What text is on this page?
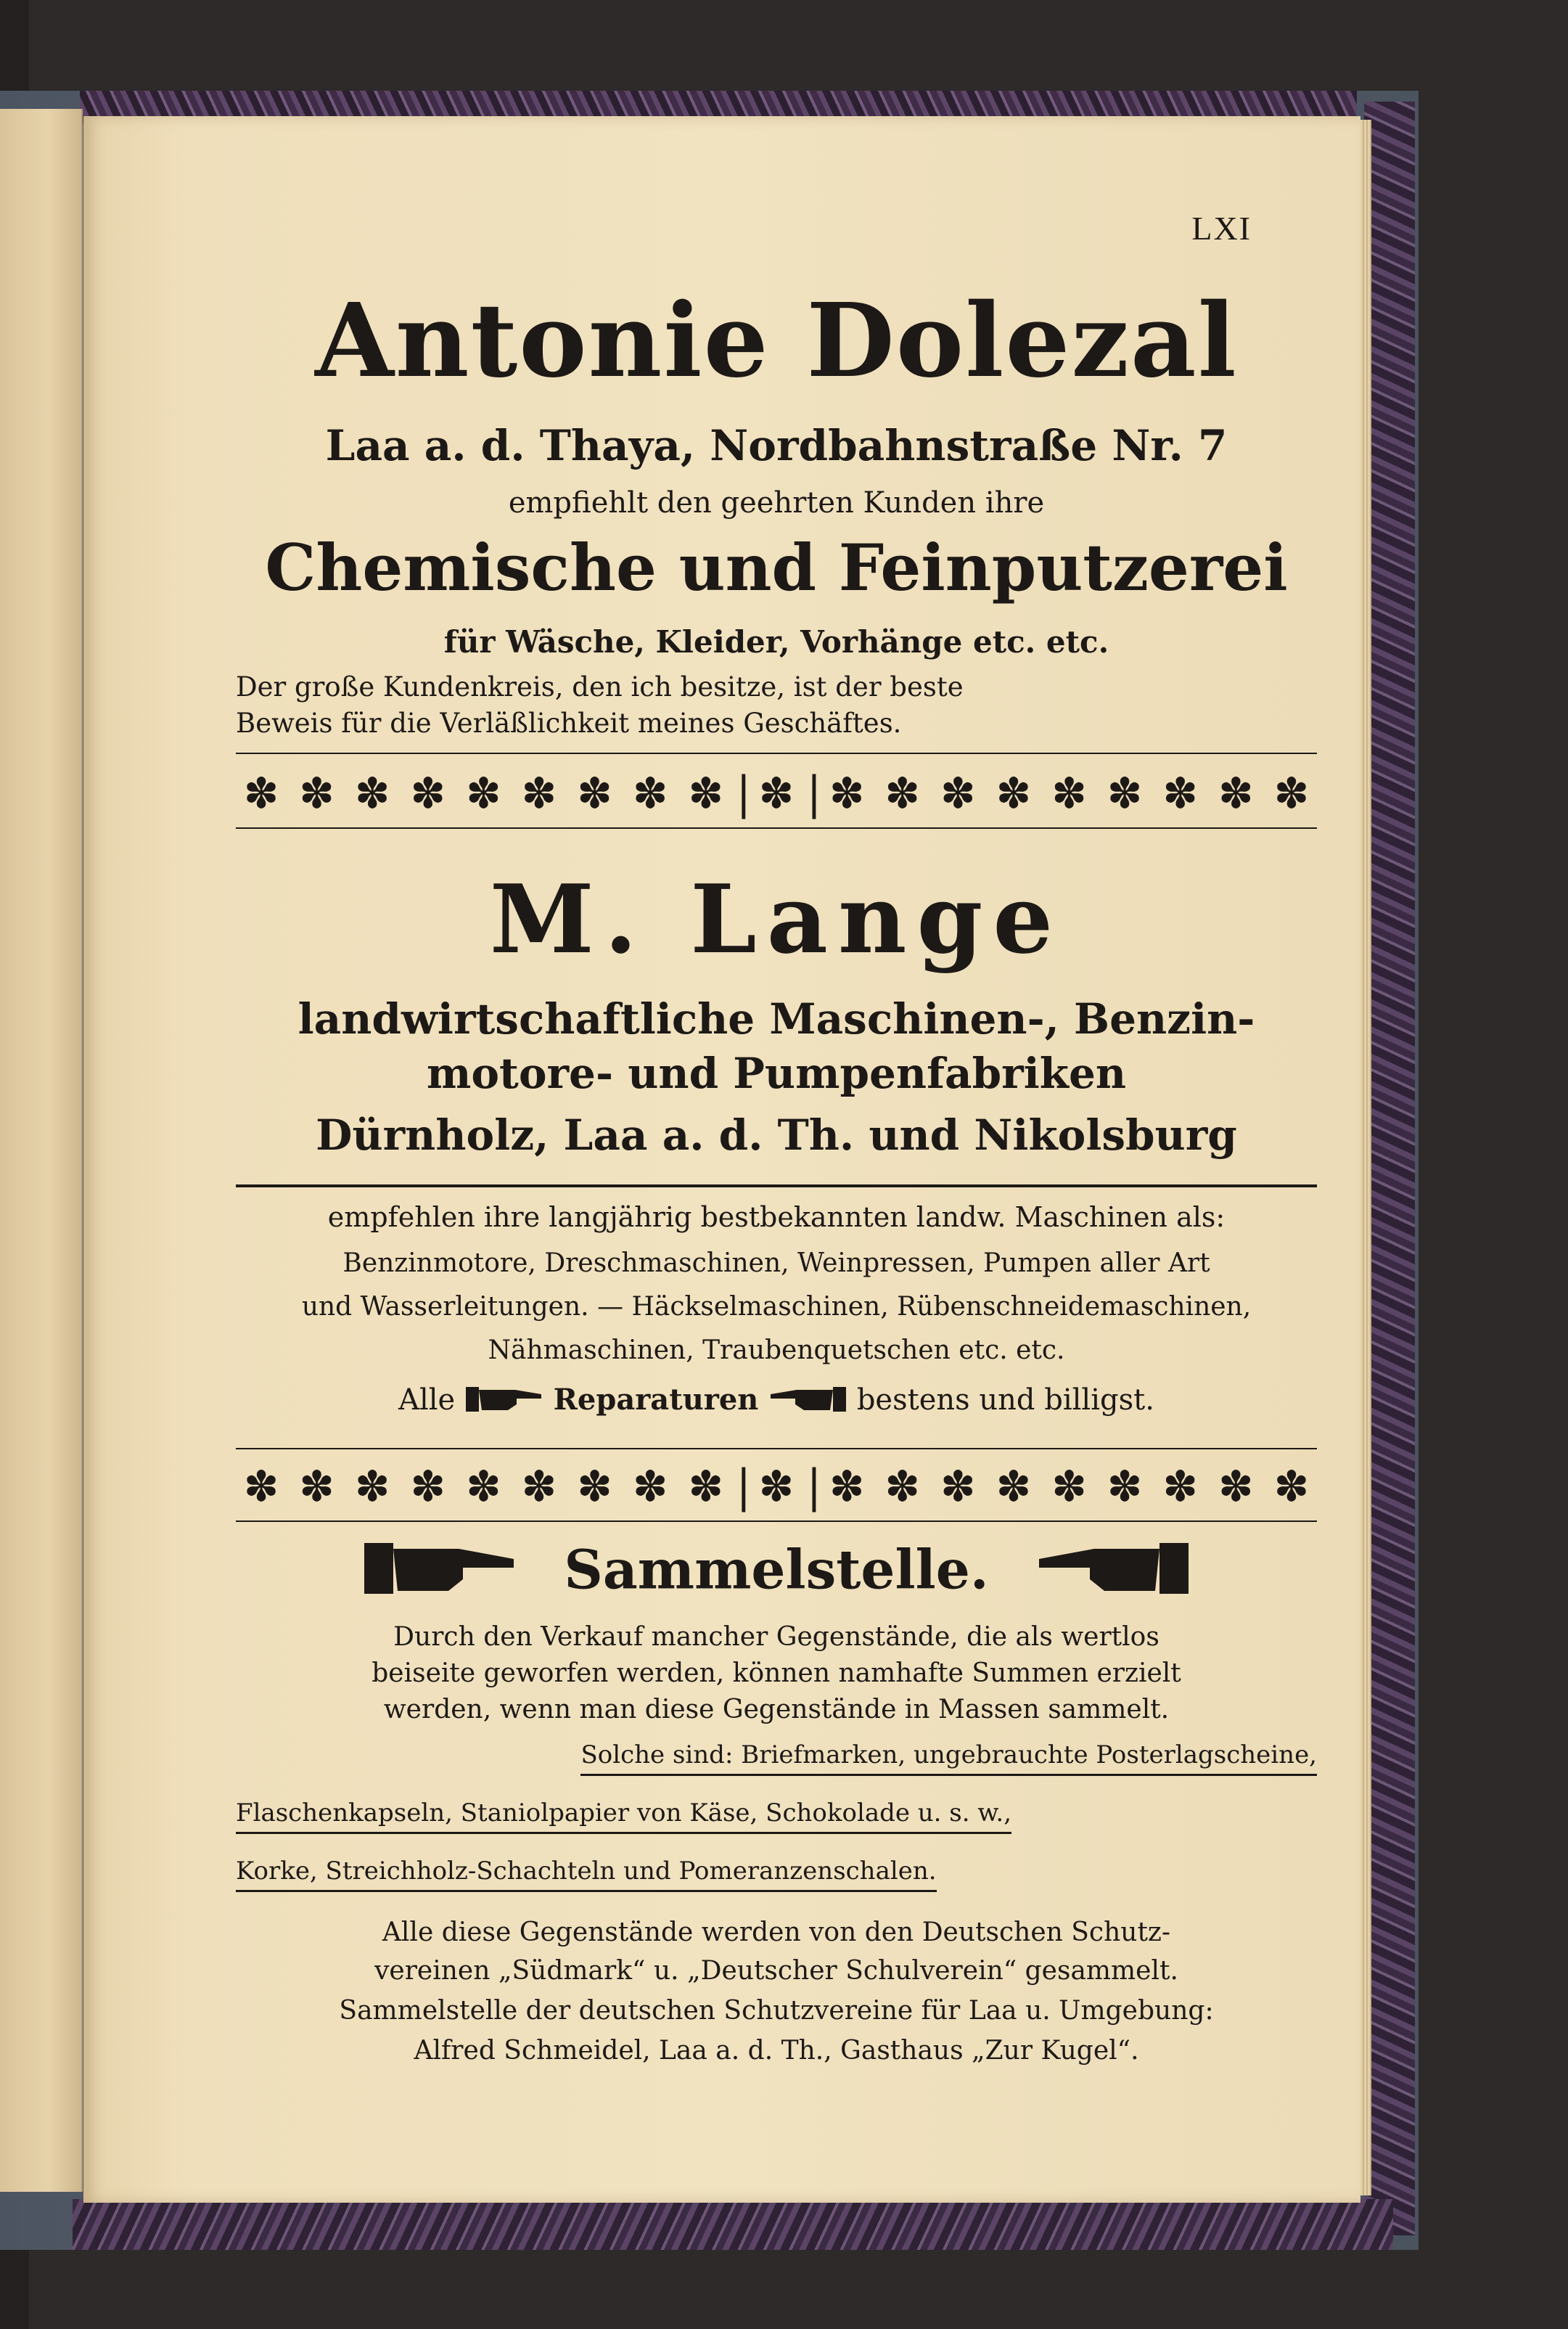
LXI
Antonie Dolezal
Laa a. d. Thaya, Nordbahnstraße Nr. 7
empfiehlt den geehrten Kunden ihre
Chemische und Feinputzerei
für Wäsche, Kleider, Vorhänge etc. etc.
Der große Kundenkreis, den ich besitze, ist der beste
Beweis für die Verläßlichkeit meines Geschäftes.
✽ ✽ ✽ ✽ ✽ ✽ ✽ ✽ ✽ | ✽ | ✽ ✽ ✽ ✽ ✽ ✽ ✽ ✽ ✽
M. Lange
landwirtschaftliche Maschinen-, Benzin-
motore- und Pumpenfabriken
Dürnholz, Laa a. d. Th. und Nikolsburg
empfehlen ihre langjährig bestbekannten landw. Maschinen als:
Benzinmotore, Dreschmaschinen, Weinpressen, Pumpen aller Art
und Wasserleitungen. — Häckselmaschinen, Rübenschneidemaschinen,
Nähmaschinen, Traubenquetschen etc. etc.
Alle	Reparaturen	bestens und billigst.
✽ ✽ ✽ ✽ ✽ ✽ ✽ ✽ ✽ | ✽ | ✽ ✽ ✽ ✽ ✽ ✽ ✽ ✽ ✽
Sammelstelle.
Durch den Verkauf mancher Gegenstände, die als wertlos
beiseite geworfen werden, können namhafte Summen erzielt
werden, wenn man diese Gegenstände in Massen sammelt.
Solche sind: Briefmarken, ungebrauchte Posterlagscheine,
Flaschenkapseln, Staniolpapier von Käse, Schokolade u. s. w.,
Korke, Streichholz-Schachteln und Pomeranzenschalen.
Alle diese Gegenstände werden von den Deutschen Schutz-
vereinen „Südmark“ u. „Deutscher Schulverein“ gesammelt.
Sammelstelle der deutschen Schutzvereine für Laa u. Umgebung:
Alfred Schmeidel, Laa a. d. Th., Gasthaus „Zur Kugel“.
